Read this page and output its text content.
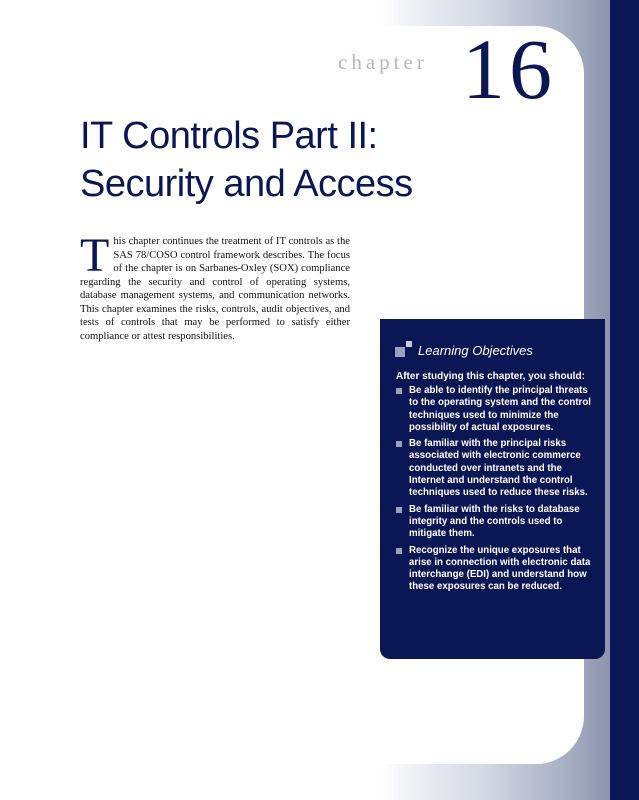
chapter 16
IT Controls Part II:
Security and Access

T his chapter continues the treatment of IT controls as the SAS 78/COSO control framework describes. The focus of the chapter is on Sarbanes-Oxley (SOX) compliance regarding the security and control of operating systems, database management systems, and communication networks. This chapter examines the risks, controls, audit objectives, and tests of controls that may be performed to satisfy either compliance or attest responsibilities.

Learning Objectives
After studying this chapter, you should:
Be able to identify the principal threats to the operating system and the control techniques used to minimize the possibility of actual exposures.
Be familiar with the principal risks associated with electronic commerce conducted over intranets and the Internet and understand the control techniques used to reduce these risks.
Be familiar with the risks to database integrity and the controls used to mitigate them.
Recognize the unique exposures that arise in connection with electronic data interchange (EDI) and understand how these exposures can be reduced.
